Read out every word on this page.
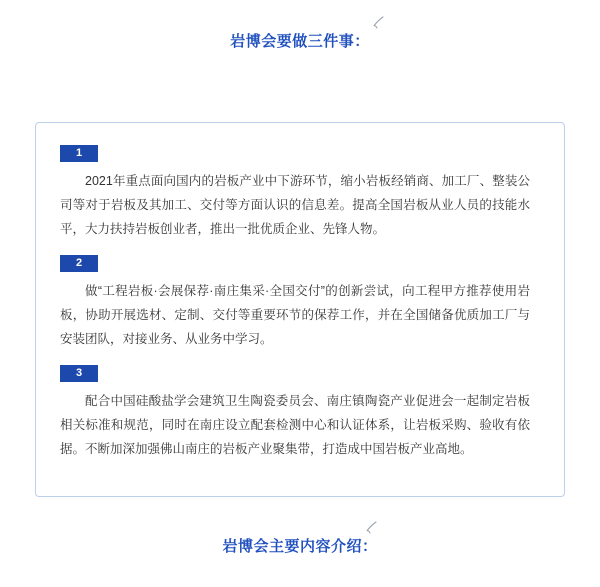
岩博会要做三件事：
1

2021年重点面向国内的岩板产业中下游环节，缩小岩板经销商、加工厂、整装公司等对于岩板及其加工、交付等方面认识的信息差。提高全国岩板从业人员的技能水平，大力扶持岩板创业者，推出一批优质企业、先锋人物。

2

做“工程岩板·会展保荐·南庄集采·全国交付”的创新尝试，向工程甲方推荐使用岩板，协助开展选材、定制、交付等重要环节的保荐工作，并在全国储备优质加工厂与安装团队，对接业务、从业务中学习。

3

配合中国硅酸盐学会建筑卫生陶瓷委员会、南庄镇陶瓷产业促进会一起制定岩板相关标准和规范，同时在南庄设立配套检测中心和认证体系，让岩板采购、验收有依据。不断加深加强佛山南庄的岩板产业聚集带，打造成中国岩板产业高地。

岩博会主要内容介绍：
